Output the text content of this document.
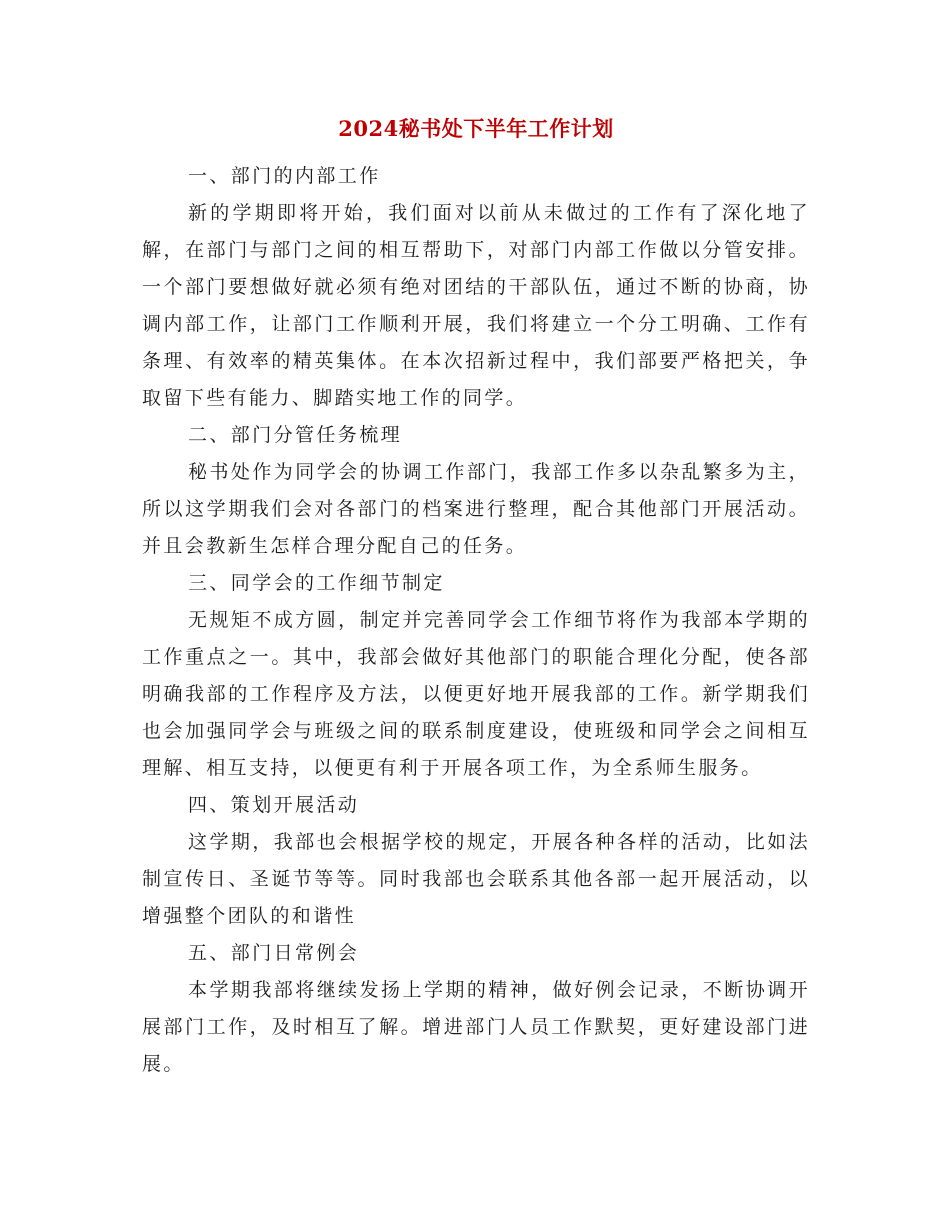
2024秘书处下半年工作计划

一、部门的内部工作

新的学期即将开始，我们面对以前从未做过的工作有了深化地了解，在部门与部门之间的相互帮助下，对部门内部工作做以分管安排。一个部门要想做好就必须有绝对团结的干部队伍，通过不断的协商，协调内部工作，让部门工作顺利开展，我们将建立一个分工明确、工作有条理、有效率的精英集体。在本次招新过程中，我们部要严格把关，争取留下些有能力、脚踏实地工作的同学。

二、部门分管任务梳理

秘书处作为同学会的协调工作部门，我部工作多以杂乱繁多为主，所以这学期我们会对各部门的档案进行整理，配合其他部门开展活动。并且会教新生怎样合理分配自己的任务。

三、同学会的工作细节制定

无规矩不成方圆，制定并完善同学会工作细节将作为我部本学期的工作重点之一。其中，我部会做好其他部门的职能合理化分配，使各部明确我部的工作程序及方法，以便更好地开展我部的工作。新学期我们也会加强同学会与班级之间的联系制度建设，使班级和同学会之间相互理解、相互支持，以便更有利于开展各项工作，为全系师生服务。

四、策划开展活动

这学期，我部也会根据学校的规定，开展各种各样的活动，比如法制宣传日、圣诞节等等。同时我部也会联系其他各部一起开展活动，以增强整个团队的和谐性

五、部门日常例会

本学期我部将继续发扬上学期的精神，做好例会记录，不断协调开展部门工作，及时相互了解。增进部门人员工作默契，更好建设部门进展。
